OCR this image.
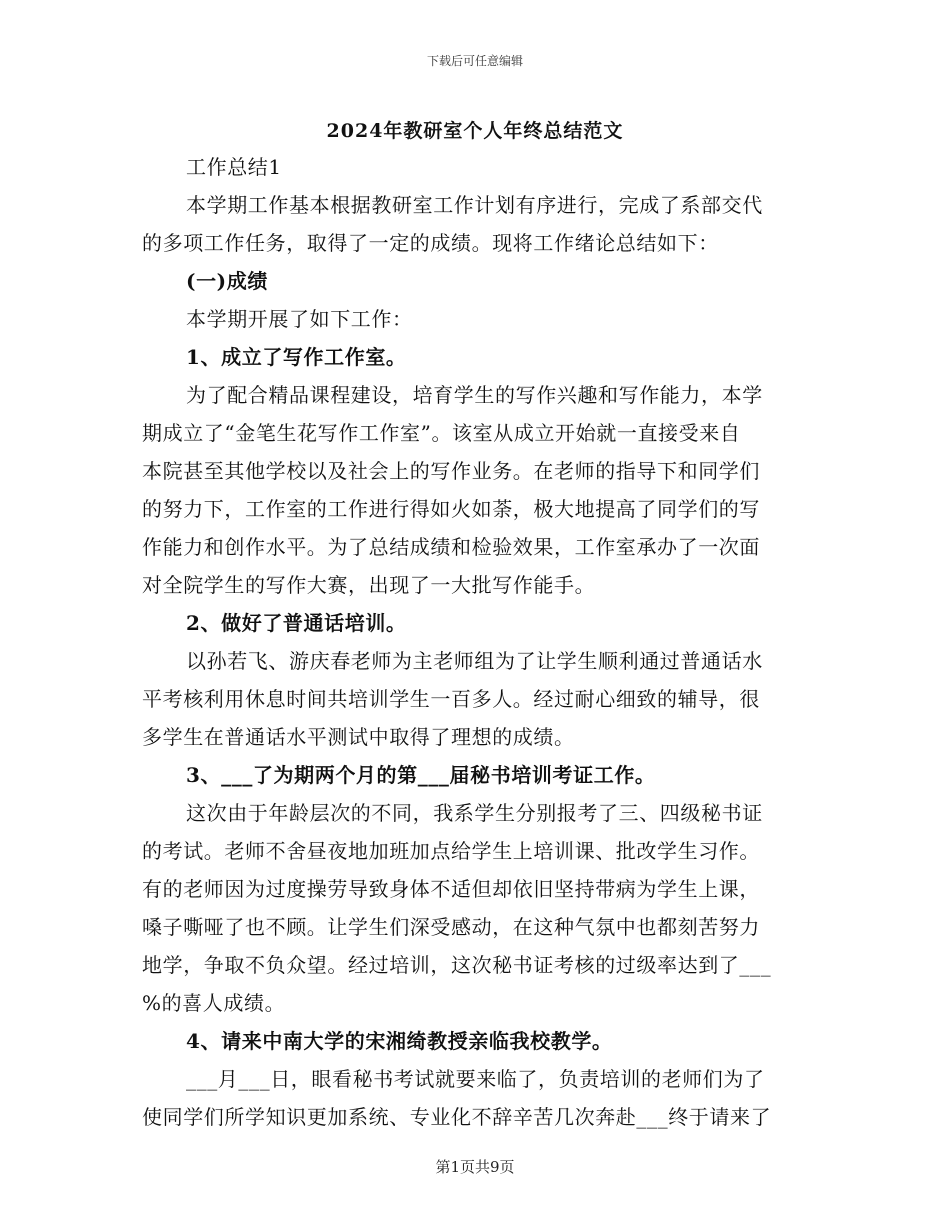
下载后可任意编辑
2024年教研室个人年终总结范文
工作总结1
本学期工作基本根据教研室工作计划有序进行，完成了系部交代
的多项工作任务，取得了一定的成绩。现将工作绪论总结如下：
(一)成绩
本学期开展了如下工作：
1、成立了写作工作室。
为了配合精品课程建设，培育学生的写作兴趣和写作能力，本学
期成立了“金笔生花写作工作室”。该室从成立开始就一直接受来自
本院甚至其他学校以及社会上的写作业务。在老师的指导下和同学们
的努力下，工作室的工作进行得如火如荼，极大地提高了同学们的写
作能力和创作水平。为了总结成绩和检验效果，工作室承办了一次面
对全院学生的写作大赛，出现了一大批写作能手。
2、做好了普通话培训。
以孙若飞、游庆春老师为主老师组为了让学生顺利通过普通话水
平考核利用休息时间共培训学生一百多人。经过耐心细致的辅导，很
多学生在普通话水平测试中取得了理想的成绩。
3、___了为期两个月的第___届秘书培训考证工作。
这次由于年龄层次的不同，我系学生分别报考了三、四级秘书证
的考试。老师不舍昼夜地加班加点给学生上培训课、批改学生习作。
有的老师因为过度操劳导致身体不适但却依旧坚持带病为学生上课，
嗓子嘶哑了也不顾。让学生们深受感动，在这种气氛中也都刻苦努力
地学，争取不负众望。经过培训，这次秘书证考核的过级率达到了___
%的喜人成绩。
4、请来中南大学的宋湘绮教授亲临我校教学。
___月___日，眼看秘书考试就要来临了，负责培训的老师们为了
使同学们所学知识更加系统、专业化不辞辛苦几次奔赴___终于请来了
第1页共9页
